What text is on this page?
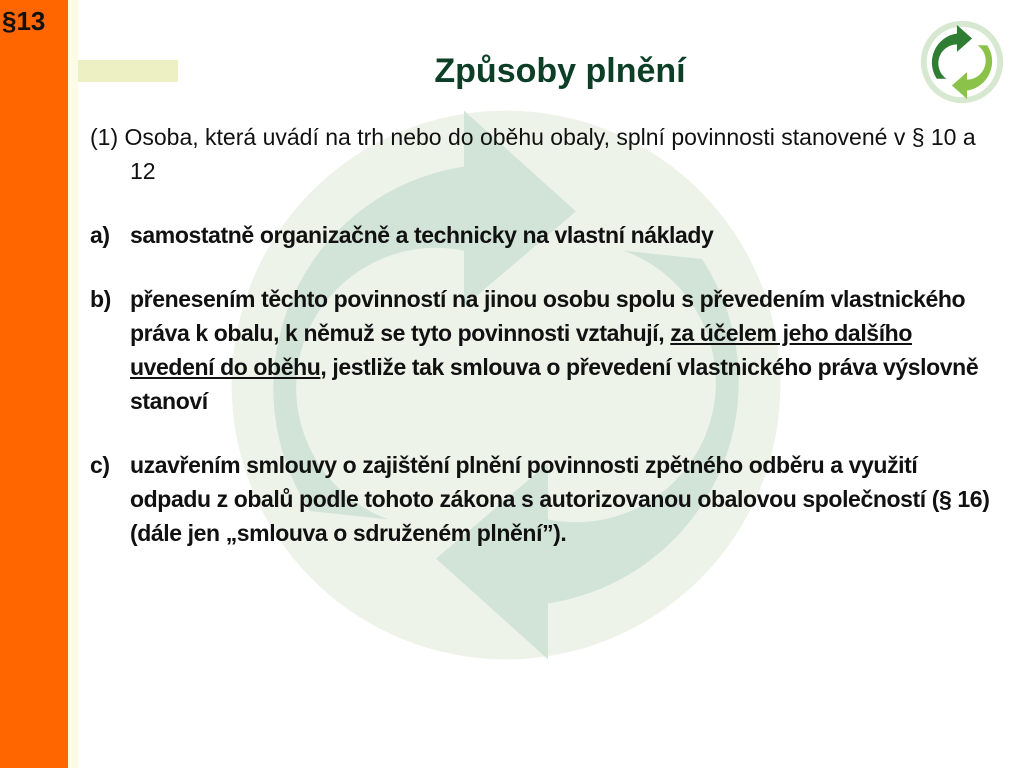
§13
Způsoby plnění

(1) Osoba, která uvádí na trh nebo do oběhu obaly, splní povinnosti stanovené v § 10 a 12

a) samostatně organizačně a technicky na vlastní náklady

b) přenesením těchto povinností na jinou osobu spolu s převedením vlastnického práva k obalu, k němuž se tyto povinnosti vztahují, za účelem jeho dalšího uvedení do oběhu, jestliže tak smlouva o převedení vlastnického práva výslovně stanoví

c) uzavřením smlouvy o zajištění plnění povinnosti zpětného odběru a využití odpadu z obalů podle tohoto zákona s autorizovanou obalovou společností (§ 16) (dále jen „smlouva o sdruženém plnění”).
